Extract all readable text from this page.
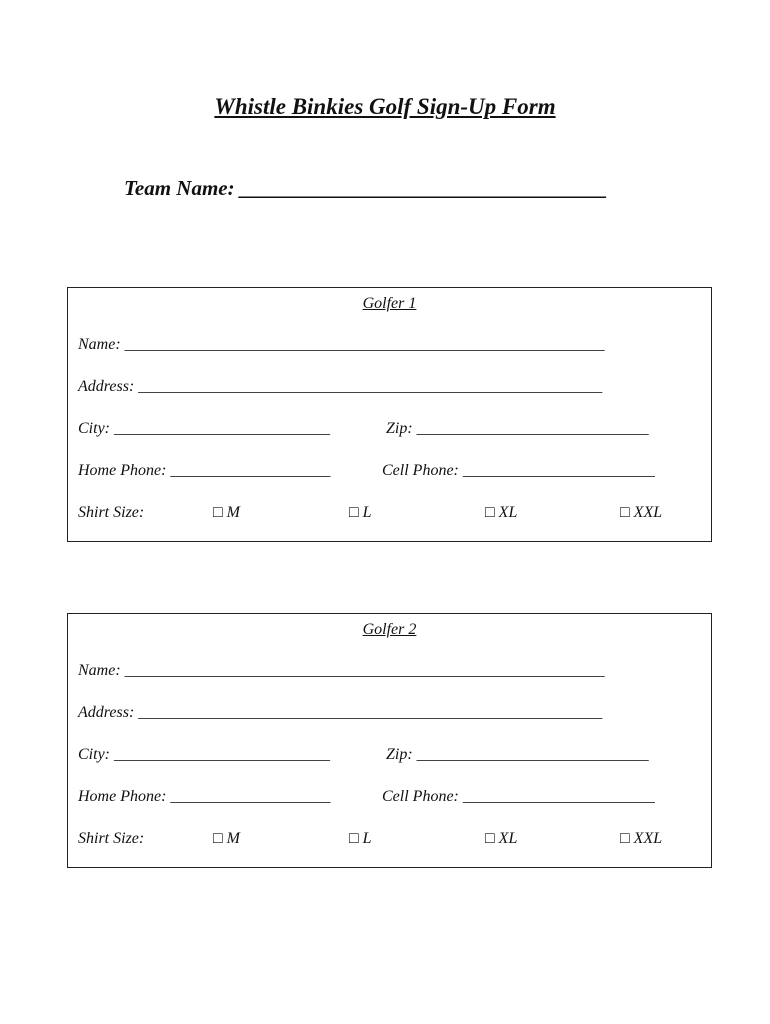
Whistle Binkies Golf Sign-Up Form
Team Name: ___________________________________
Golfer 1
Name: ____________________________________________________________
Address: __________________________________________________________
City: ___________________________	Zip: _____________________________
Home Phone: ____________________	Cell Phone: ________________________
Shirt Size:	□ M	□ L	□ XL	□ XXL
Golfer 2
Name: ____________________________________________________________
Address: __________________________________________________________
City: ___________________________	Zip: _____________________________
Home Phone: ____________________	Cell Phone: ________________________
Shirt Size:	□ M	□ L	□ XL	□ XXL
